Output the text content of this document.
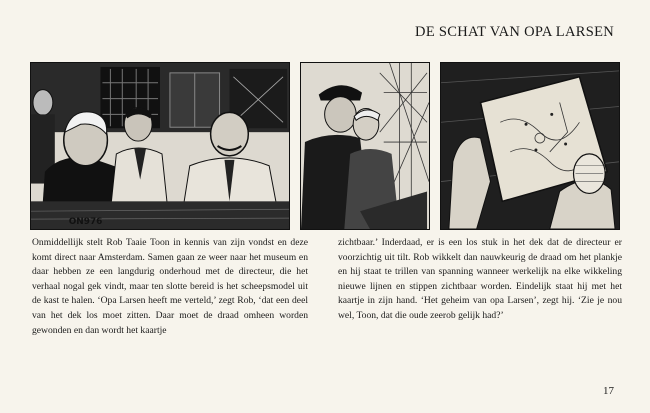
DE SCHAT VAN OPA LARSEN
ON976

Onmiddellijk stelt Rob Taaie Toon in kennis van zijn vondst en deze komt direct naar Amsterdam. Samen gaan ze weer naar het museum en daar hebben ze een langdurig onderhoud met de directeur, die het verhaal nogal gek vindt, maar ten slotte bereid is het scheepsmodel uit de kast te halen. ‘Opa Larsen heeft me verteld,’ zegt Rob, ‘dat een deel van het dek los moet zitten. Daar moet de draad omheen worden gewonden en dan wordt het kaartje

zichtbaar.’ Inderdaad, er is een los stuk in het dek dat de directeur er voorzichtig uit tilt. Rob wikkelt dan nauwkeurig de draad om het plankje en hij staat te trillen van spanning wanneer werkelijk na elke wikkeling nieuwe lijnen en stippen zichtbaar worden. Eindelijk staat hij met het kaartje in zijn hand. ‘Het geheim van opa Larsen’, zegt hij. ‘Zie je nou wel, Toon, dat die oude zeerob gelijk had?’

17
